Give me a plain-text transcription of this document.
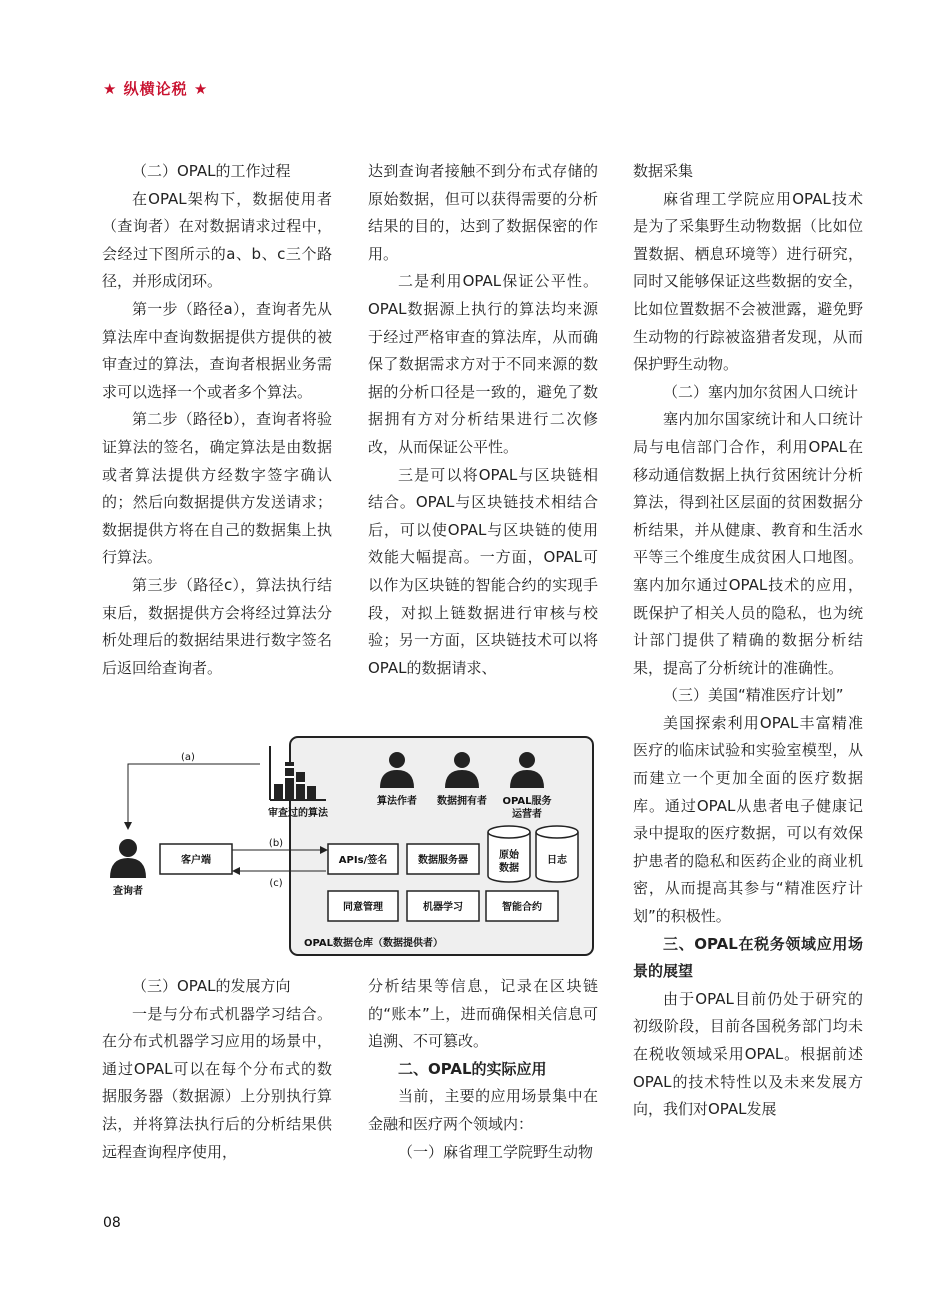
★ 纵横论税 ★

（二）OPAL的工作过程

在OPAL架构下，数据使用者（查询者）在对数据请求过程中，会经过下图所示的a、b、c三个路径，并形成闭环。

第一步（路径a），查询者先从算法库中查询数据提供方提供的被审查过的算法，查询者根据业务需求可以选择一个或者多个算法。

第二步（路径b），查询者将验证算法的签名，确定算法是由数据或者算法提供方经数字签字确认的；然后向数据提供方发送请求；数据提供方将在自己的数据集上执行算法。

第三步（路径c），算法执行结束后，数据提供方会将经过算法分析处理后的数据结果进行数字签名后返回给查询者。

达到查询者接触不到分布式存储的原始数据，但可以获得需要的分析结果的目的，达到了数据保密的作用。

二是利用OPAL保证公平性。OPAL数据源上执行的算法均来源于经过严格审查的算法库，从而确保了数据需求方对于不同来源的数据的分析口径是一致的，避免了数据拥有方对分析结果进行二次修改，从而保证公平性。

三是可以将OPAL与区块链相结合。OPAL与区块链技术相结合后，可以使OPAL与区块链的使用效能大幅提高。一方面，OPAL可以作为区块链的智能合约的实现手段，对拟上链数据进行审核与校验；另一方面，区块链技术可以将OPAL的数据请求、

数据采集

麻省理工学院应用OPAL技术是为了采集野生动物数据（比如位置数据、栖息环境等）进行研究，同时又能够保证这些数据的安全，比如位置数据不会被泄露，避免野生动物的行踪被盗猎者发现，从而保护野生动物。

（二）塞内加尔贫困人口统计

塞内加尔国家统计和人口统计局与电信部门合作，利用OPAL在移动通信数据上执行贫困统计分析算法，得到社区层面的贫困数据分析结果，并从健康、教育和生活水平等三个维度生成贫困人口地图。塞内加尔通过OPAL技术的应用，既保护了相关人员的隐私，也为统计部门提供了精确的数据分析结果，提高了分析统计的准确性。

（三）美国“精准医疗计划”

美国探索利用OPAL丰富精准医疗的临床试验和实验室模型，从而建立一个更加全面的医疗数据库。通过OPAL从患者电子健康记录中提取的医疗数据，可以有效保护患者的隐私和医药企业的商业机密，从而提高其参与“精准医疗计划”的积极性。

三、OPAL在税务领域应用场景的展望

由于OPAL目前仍处于研究的初级阶段，目前各国税务部门均未在税收领域采用OPAL。根据前述OPAL的技术特性以及未来发展方向，我们对OPAL发展

(a)
审查过的算法
算法作者 数据拥有者 OPAL服务
运营者
查询者
客户端
(b)
(c)
APIs/签名	数据服务器	原始
数据
日志
同意管理	机器学习	智能合约
OPAL数据仓库（数据提供者）

（三）OPAL的发展方向

一是与分布式机器学习结合。在分布式机器学习应用的场景中，通过OPAL可以在每个分布式的数据服务器（数据源）上分别执行算法，并将算法执行后的分析结果供远程查询程序使用，

分析结果等信息，记录在区块链的“账本”上，进而确保相关信息可追溯、不可篡改。

二、OPAL的实际应用

当前，主要的应用场景集中在金融和医疗两个领域内：

（一）麻省理工学院野生动物

08
